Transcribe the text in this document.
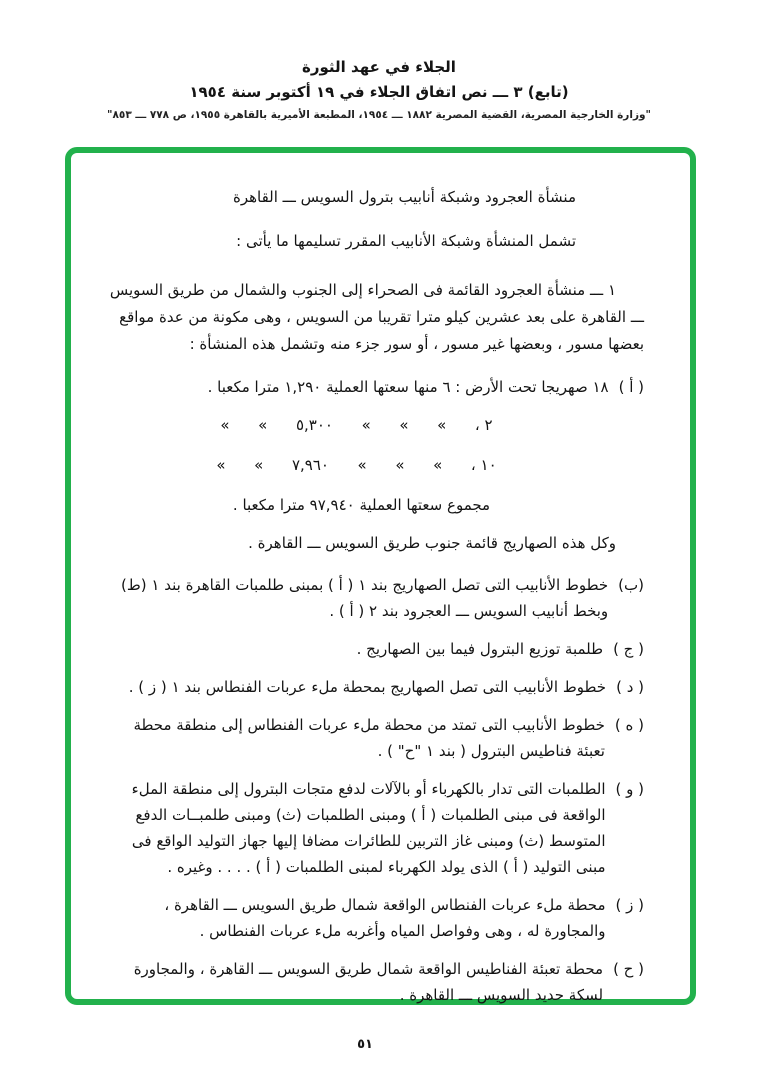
الجلاء في عهد الثورة
(تابع) ٣ ـــ نص اتفاق الجلاء في ١٩ أكتوبر سنة ١٩٥٤
"وزارة الخارجية المصرية، القضية المصرية ١٨٨٢ ـــ ١٩٥٤، المطبعة الأميرية بالقاهرة ١٩٥٥، ص ٧٧٨ ـــ ٨٥٣"
منشأة العجرود وشبكة أنابيب بترول السويس ـــ القاهرة
تشمل المنشأة وشبكة الأنابيب المقرر تسليمها ما يأتى :
١ ـــ منشأة العجرود القائمة فى الصحراء إلى الجنوب والشمال من طريق السويس ـــ القاهرة على بعد عشرين كيلو مترا تقريبا من السويس ، وهى مكونة من عدة مواقع بعضها مسور ، وبعضها غير مسور ، أو سور جزء منه وتشمل هذه المنشأة :
( أ )
١٨ صهريجا تحت الأرض : ٦ منها سعتها العملية ١,٢٩٠ مترا مكعبا .
٢ ،      »      »      »      ٥,٣٠٠      »      »
١٠ ،      »      »      »      ٧,٩٦٠      »      »
مجموع سعتها العملية ٩٧,٩٤٠ مترا مكعبا .
وكل هذه الصهاريج قائمة جنوب طريق السويس ـــ القاهرة .
(ب)
خطوط الأنابيب التى تصل الصهاريج بند ١ ( أ ) بمبنى طلمبات القاهرة بند ١ (ط) وبخط أنابيب السويس ـــ العجرود بند ٢ ( أ ) .
( ج )
طلمبة توزيع البترول فيما بين الصهاريج .
( د )
خطوط الأنابيب التى تصل الصهاريج بمحطة ملء عربات الفنطاس بند ١ ( ز ) .
( ه )
خطوط الأنابيب التى تمتد من محطة ملء عربات الفنطاس إلى منطقة محطة تعبئة فناطيس البترول ( بند ١ "ح" ) .
( و )
الطلمبات التى تدار بالكهرباء أو بالآلات لدفع متجات البترول إلى منطقة الملء الواقعة فى مبنى الطلمبات ( أ ) ومبنى الطلمبات (ث) ومبنى طلمبــات الدفع المتوسط (ث) ومبنى غاز التربين للطائرات مضافا إليها جهاز التوليد الواقع فى مبنى التوليد ( أ ) الذى يولد الكهرباء لمبنى الطلمبات ( أ ) . . . . وغيره .
( ز )
محطة ملء عربات الفنطاس الواقعة شمال طريق السويس ـــ القاهرة ، والمجاورة له ، وهى وفواصل المياه وأغربه ملء عربات الفنطاس .
( ح )
محطة تعبئة الفناطيس الواقعة شمال طريق السويس ـــ القاهرة ، والمجاورة لسكة حديد السويس ـــ القاهرة .
٥١
